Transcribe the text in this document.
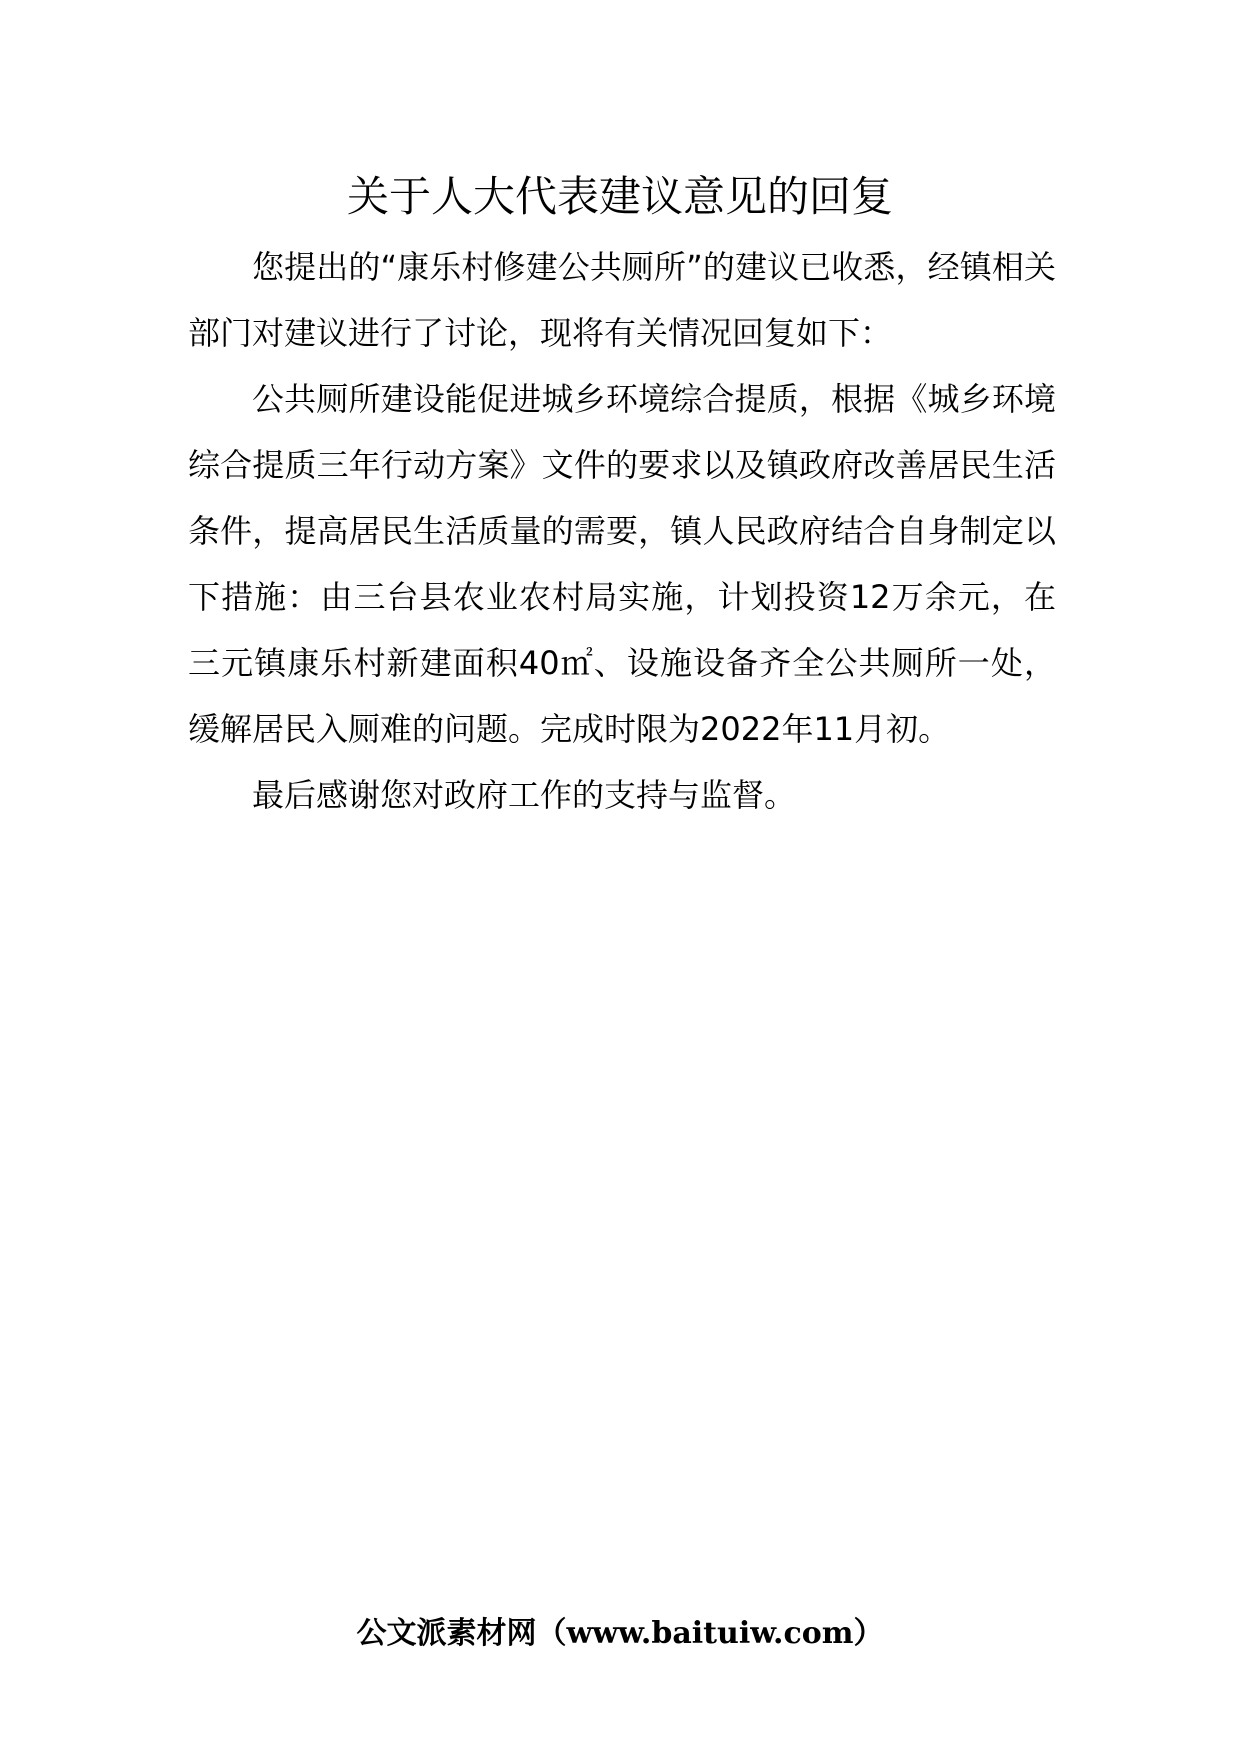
关于人大代表建议意见的回复

您提出的“康乐村修建公共厕所”的建议已收悉，经镇相关部门对建议进行了讨论，现将有关情况回复如下：

公共厕所建设能促进城乡环境综合提质，根据《城乡环境综合提质三年行动方案》文件的要求以及镇政府改善居民生活条件，提高居民生活质量的需要，镇人民政府结合自身制定以下措施：由三台县农业农村局实施，计划投资12万余元，在三元镇康乐村新建面积40㎡、设施设备齐全公共厕所一处，缓解居民入厕难的问题。完成时限为2022年11月初。

最后感谢您对政府工作的支持与监督。

公文派素材网（www.baituiw.com）
